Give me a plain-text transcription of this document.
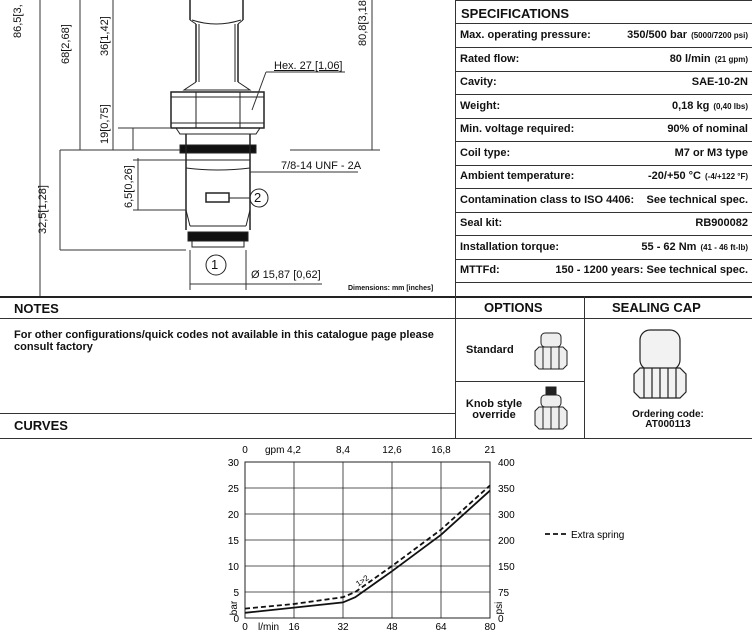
86,5[3,
68[2,68] 36[1,42]
19[0,75]
6,5[0,26]
32,5[1,28]
80,8[3,18
Hex. 27 [1,06]
7/8-14 UNF - 2A
1
2
Ø 15,87 [0,62]
Dimensions: mm [inches]
SPECIFICATIONS
Max. operating pressure:	350/500 bar (5000/7200 psi)
Rated flow:	80 l/min (21 gpm)
Cavity:	SAE-10-2N
Weight:	0,18 kg (0,40 lbs)
Min. voltage required:	90% of nominal
Coil type:	M7 or M3 type
Ambient temperature:	-20/+50 °C (-4/+122 °F)
Contamination class to ISO 4406: See technical spec.
Seal kit:	RB900082
Installation torque:	55 - 62 Nm (41 - 46 ft-lb)
MTTFd:	150 - 1200 years: See technical spec.
NOTES
For other configurations/quick codes not available in this catalogue page please consult factory
OPTIONS
Standard
Knob style override
SEALING CAP
Ordering code:
AT000113
CURVES
0	16	32	48	64	80
l/min
0	4,2	8,4	12,6	16,8	21
gpm
0
5
10
15
20
25
30
bar
0
75
150
200
300
350
400
psi
1>2
Extra spring
